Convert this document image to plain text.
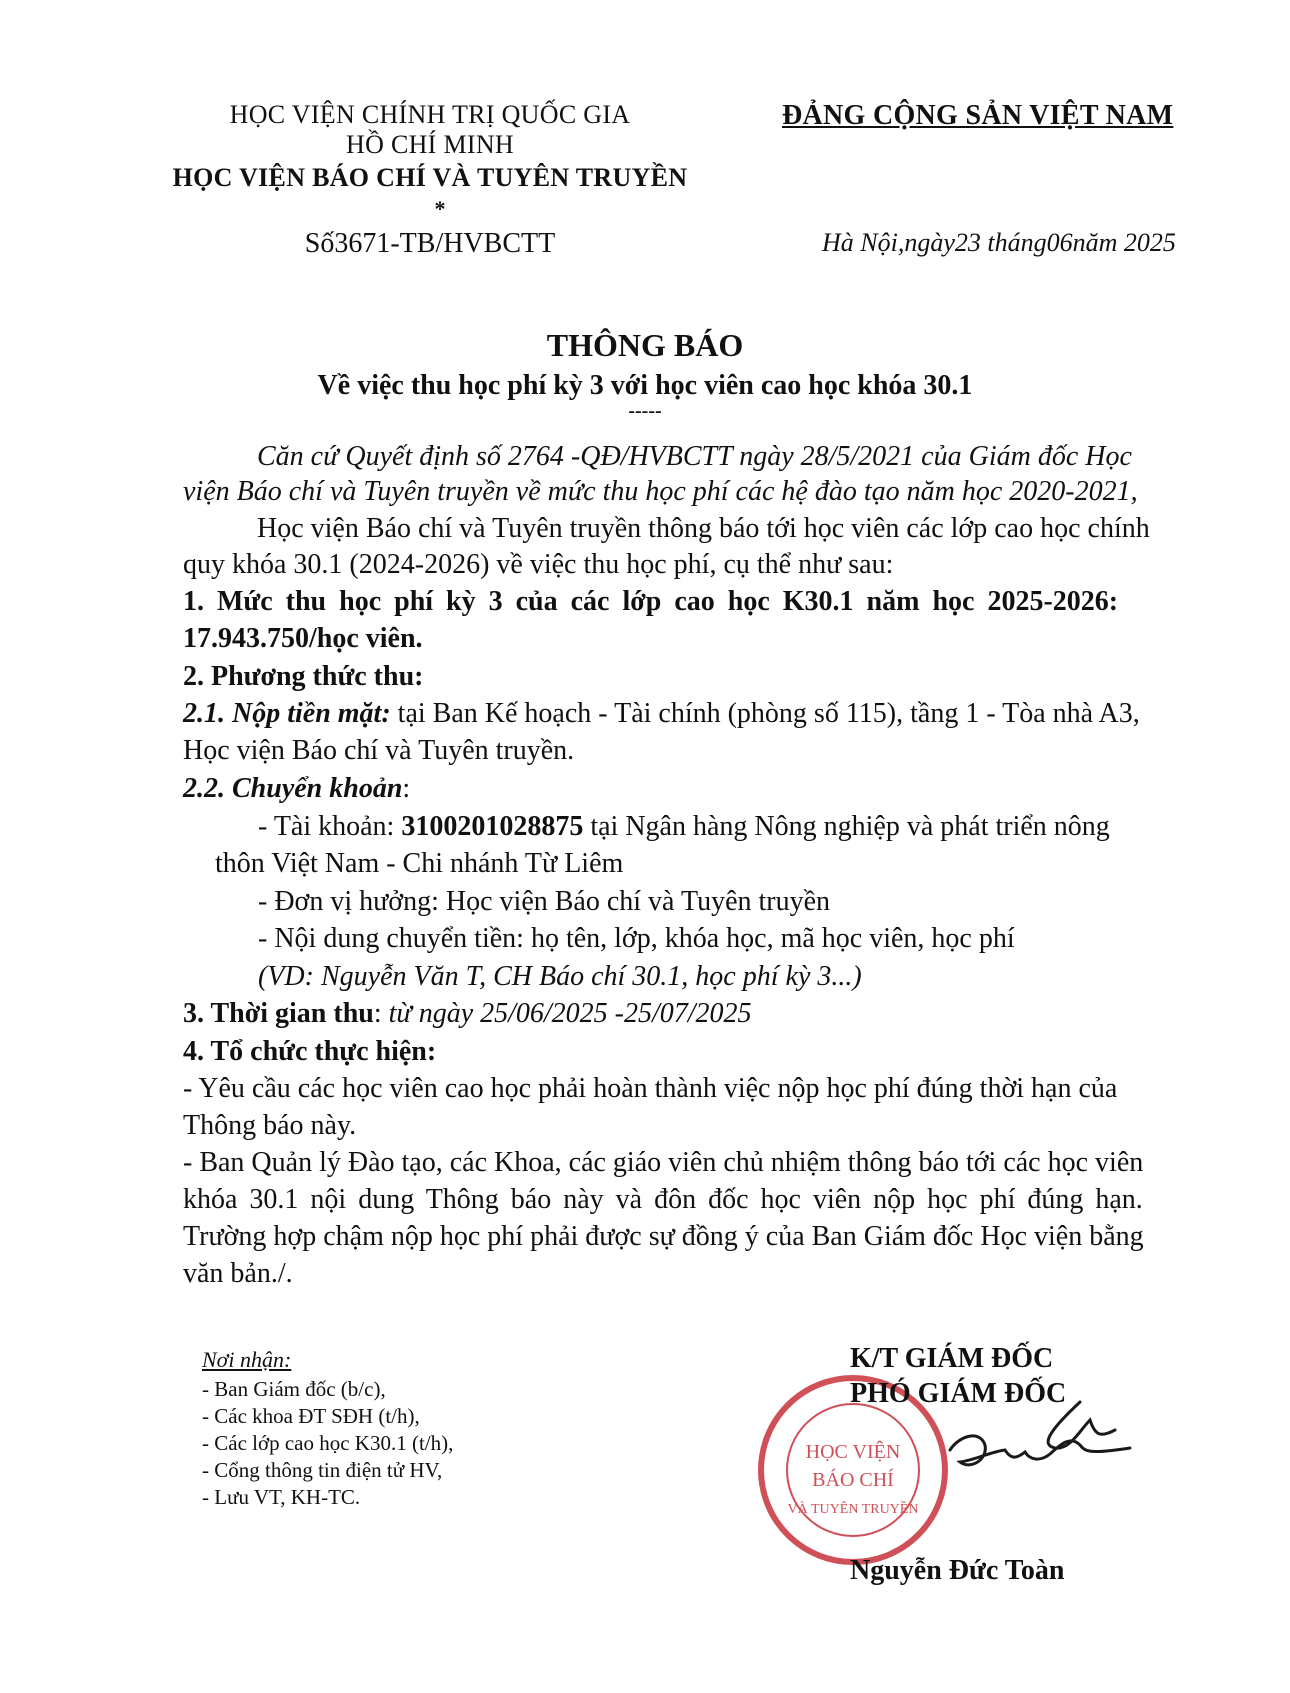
HỌC VIỆN CHÍNH TRỊ QUỐC GIA
HỒ CHÍ MINH
HỌC VIỆN BÁO CHÍ VÀ TUYÊN TRUYỀN
*
Số3671-TB/HVBCTT
ĐẢNG CỘNG SẢN VIỆT NAM
Hà Nội,ngày23 tháng06năm 2025
THÔNG BÁO
Về việc thu học phí kỳ 3 với học viên cao học khóa 30.1
-----
Căn cứ Quyết định số 2764 -QĐ/HVBCTT ngày 28/5/2021 của Giám đốc Học
viện Báo chí và Tuyên truyền về mức thu học phí các hệ đào tạo năm học 2020-2021,
Học viện Báo chí và Tuyên truyền thông báo tới học viên các lớp cao học chính
quy khóa 30.1 (2024-2026) về việc thu học phí, cụ thể như sau:
1. Mức thu học phí kỳ 3 của các lớp cao học K30.1 năm học 2025-2026:
17.943.750/học viên.
2. Phương thức thu:
2.1. Nộp tiền mặt: tại Ban Kế hoạch - Tài chính (phòng số 115), tầng 1 - Tòa nhà A3,
Học viện Báo chí và Tuyên truyền.
2.2. Chuyển khoản:
- Tài khoản: 3100201028875 tại Ngân hàng Nông nghiệp và phát triển nông
thôn Việt Nam - Chi nhánh Từ Liêm
- Đơn vị hưởng: Học viện Báo chí và Tuyên truyền
- Nội dung chuyển tiền: họ tên, lớp, khóa học, mã học viên, học phí
(VD: Nguyễn Văn T, CH Báo chí 30.1, học phí kỳ 3...)
3. Thời gian thu: từ ngày 25/06/2025 -25/07/2025
4. Tổ chức thực hiện:
- Yêu cầu các học viên cao học phải hoàn thành việc nộp học phí đúng thời hạn của
Thông báo này.
- Ban Quản lý Đào tạo, các Khoa, các giáo viên chủ nhiệm thông báo tới các học viên
khóa 30.1 nội dung Thông báo này và đôn đốc học viên nộp học phí đúng hạn.
Trường hợp chậm nộp học phí phải được sự đồng ý của Ban Giám đốc Học viện bằng
văn bản./.
Nơi nhận:
- Ban Giám đốc (b/c),
- Các khoa ĐT SĐH (t/h),
- Các lớp cao học K30.1 (t/h),
- Cổng thông tin điện tử HV,
- Lưu VT, KH-TC.
HỌC VIỆN
BÁO CHÍ
VÀ TUYÊN TRUYỀN
K/T GIÁM ĐỐC
PHÓ GIÁM ĐỐC
Nguyễn Đức Toàn
